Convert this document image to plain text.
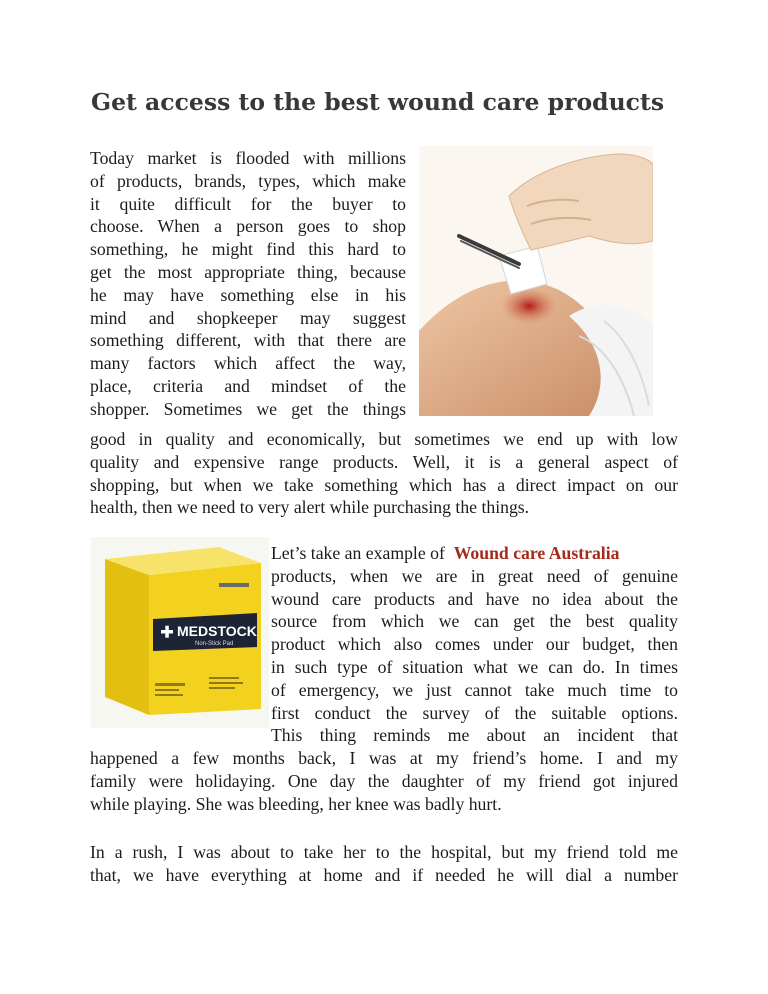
Get access to the best wound care products
Today market is flooded with millions
of products, brands, types, which make
it quite difficult for the buyer to
choose. When a person goes to shop
something, he might find this hard to
get the most appropriate thing, because
he may have something else in his
mind and shopkeeper may suggest
something different, with that there are
many factors which affect the way,
place, criteria and mindset of the
shopper. Sometimes we get the things
good in quality and economically, but sometimes we end up with low
quality and expensive range products. Well, it is a general aspect of
shopping, but when we take something which has a direct impact on our
health, then we need to very alert while purchasing the things.
MEDSTOCK
Non-Stick Pad
Let’s take an example of Wound care Australia
products, when we are in great need of genuine
wound care products and have no idea about the
source from which we can get the best quality
product which also comes under our budget, then
in such type of situation what we can do. In times
of emergency, we just cannot take much time to
first conduct the survey of the suitable options.
This thing reminds me about an incident that
happened a few months back, I was at my friend’s home. I and my
family were holidaying. One day the daughter of my friend got injured
while playing. She was bleeding, her knee was badly hurt.
In a rush, I was about to take her to the hospital, but my friend told me
that, we have everything at home and if needed he will dial a number
